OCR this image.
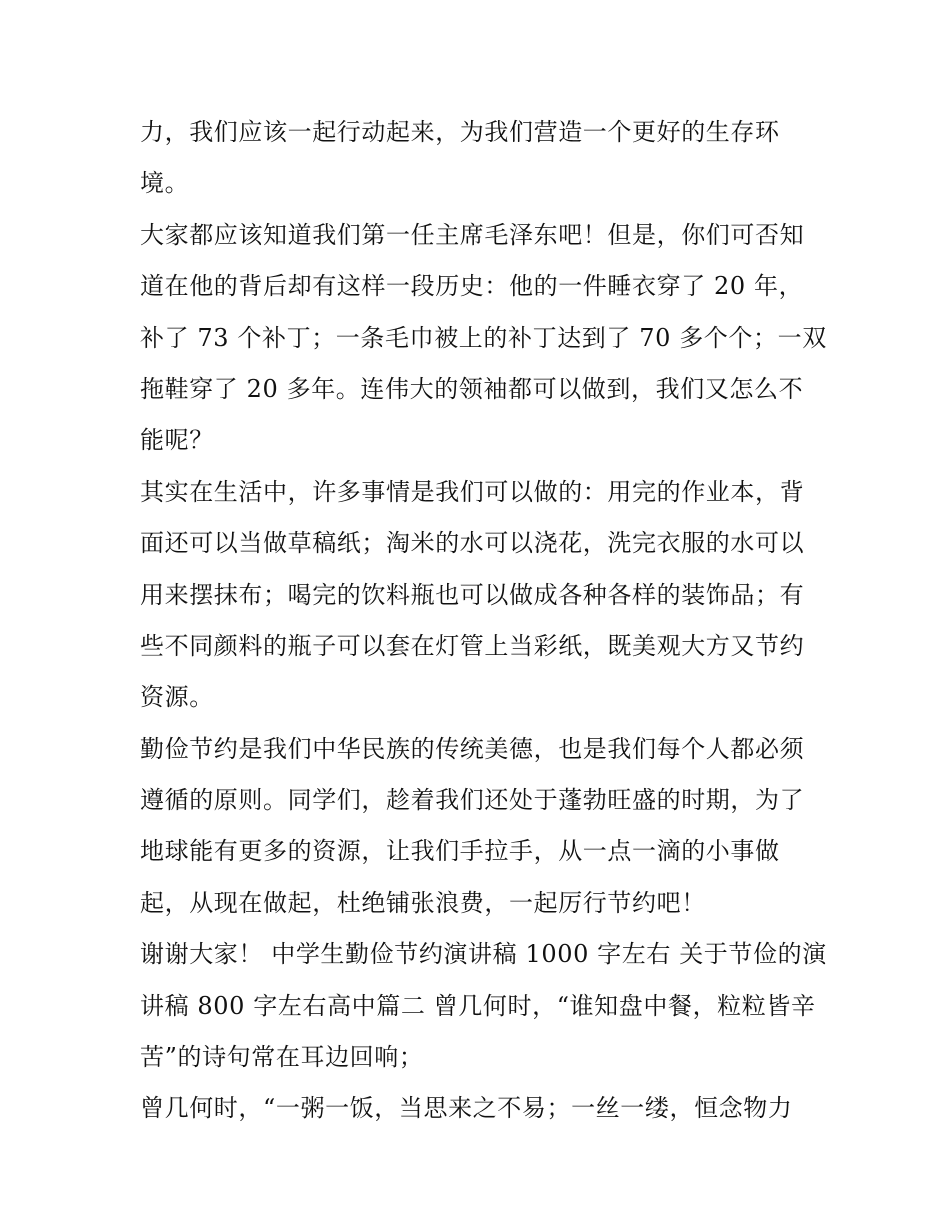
力，我们应该一起行动起来，为我们营造一个更好的生存环
境。
大家都应该知道我们第一任主席毛泽东吧！但是，你们可否知
道在他的背后却有这样一段历史：他的一件睡衣穿了 20 年，
补了 73 个补丁；一条毛巾被上的补丁达到了 70 多个个；一双
拖鞋穿了 20 多年。连伟大的领袖都可以做到，我们又怎么不
能呢？
其实在生活中，许多事情是我们可以做的：用完的作业本，背
面还可以当做草稿纸；淘米的水可以浇花，洗完衣服的水可以
用来摆抹布；喝完的饮料瓶也可以做成各种各样的装饰品；有
些不同颜料的瓶子可以套在灯管上当彩纸，既美观大方又节约
资源。
勤俭节约是我们中华民族的传统美德，也是我们每个人都必须
遵循的原则。同学们，趁着我们还处于蓬勃旺盛的时期，为了
地球能有更多的资源，让我们手拉手，从一点一滴的小事做
起，从现在做起，杜绝铺张浪费，一起厉行节约吧！
谢谢大家！ 中学生勤俭节约演讲稿 1000 字左右 关于节俭的演
讲稿 800 字左右高中篇二 曾几何时，“谁知盘中餐，粒粒皆辛
苦”的诗句常在耳边回响；
曾几何时，“一粥一饭，当思来之不易；一丝一缕，恒念物力
